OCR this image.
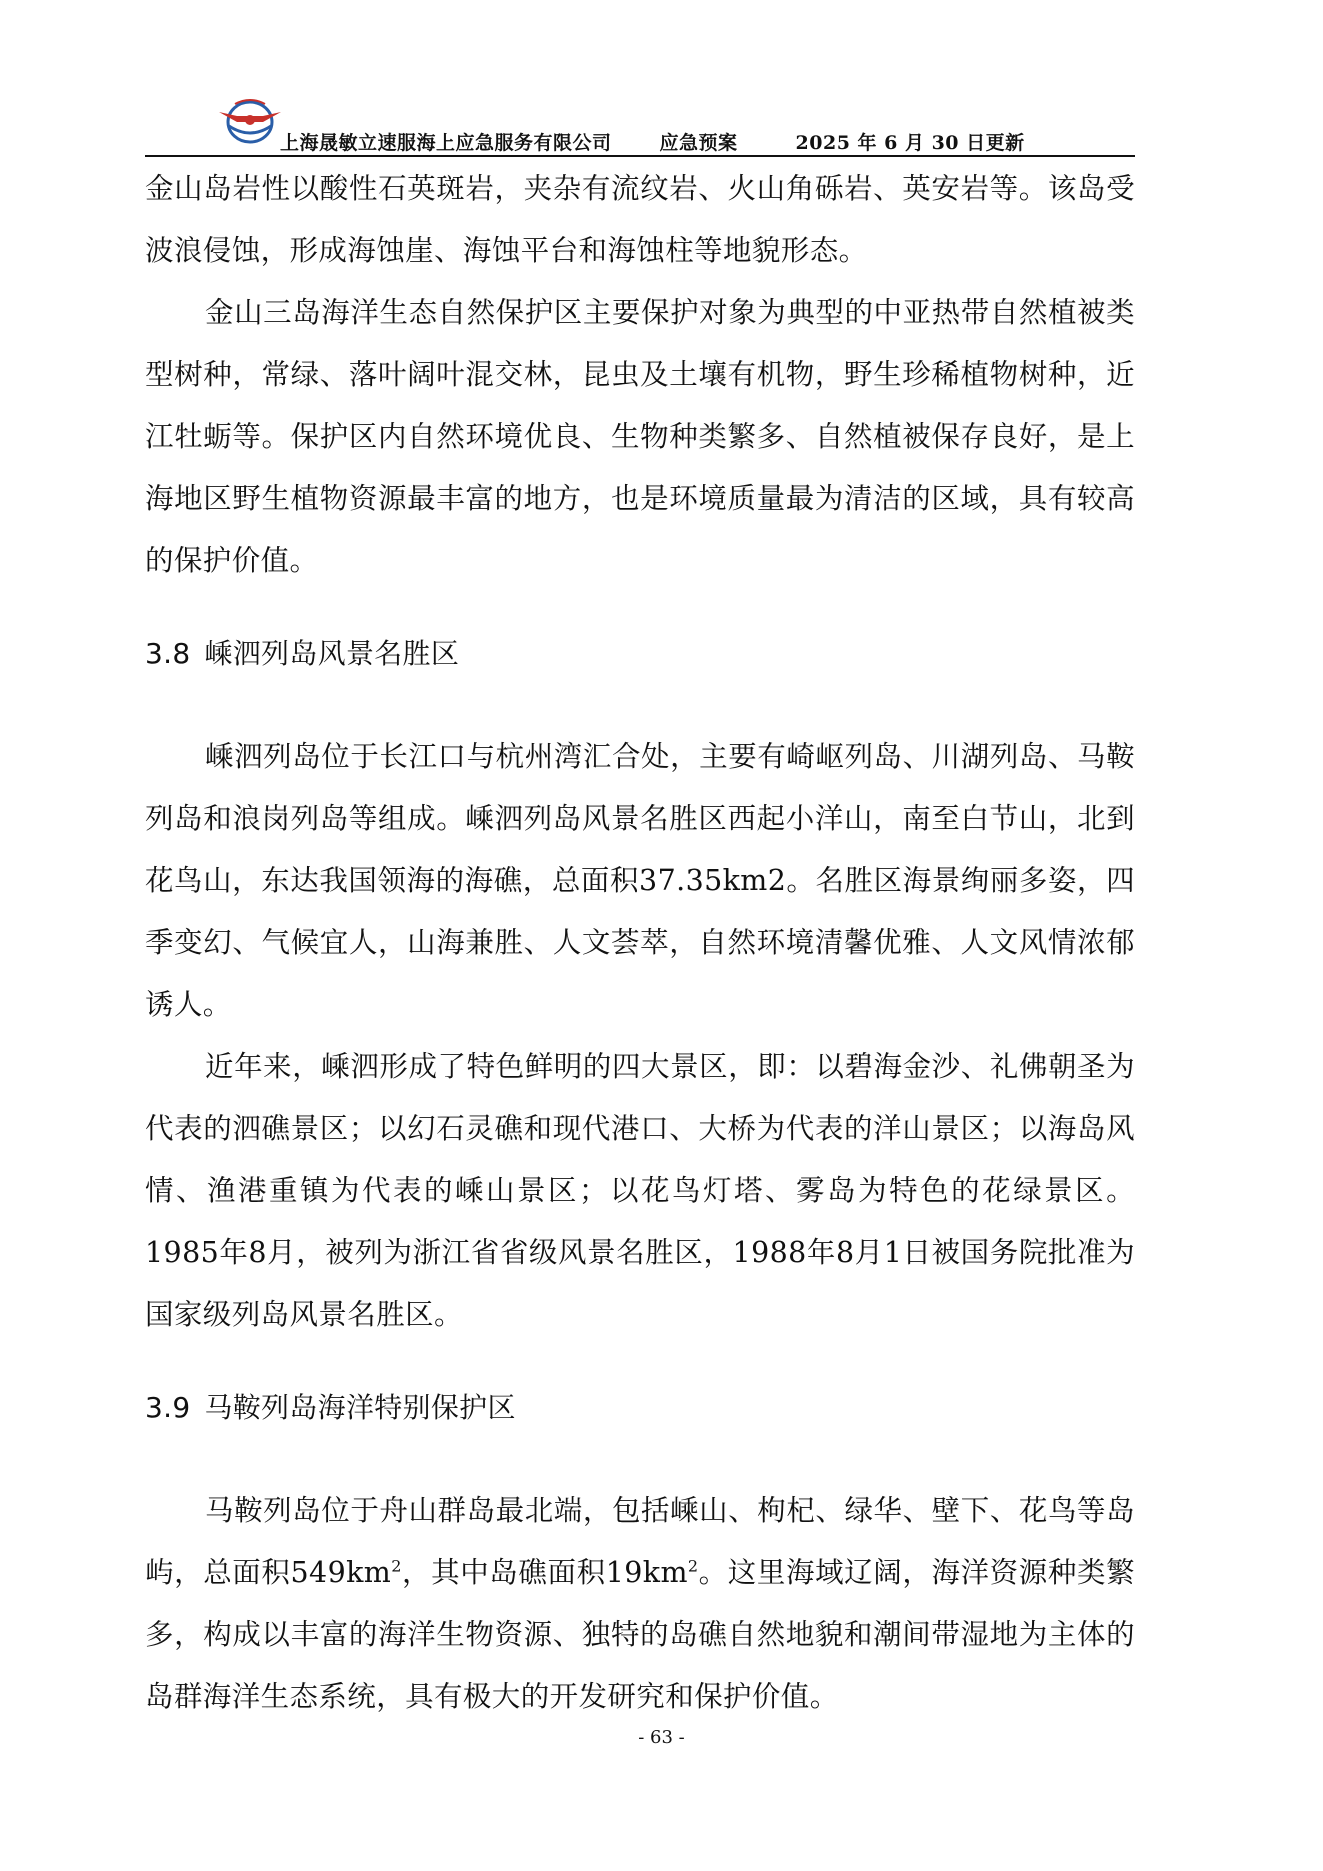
上海晟敏立速服海上应急服务有限公司	应急预案	2025 年 6 月 30 日更新

金山岛岩性以酸性石英斑岩，夹杂有流纹岩、火山角砾岩、英安岩等。该岛受波浪侵蚀，形成海蚀崖、海蚀平台和海蚀柱等地貌形态。

金山三岛海洋生态自然保护区主要保护对象为典型的中亚热带自然植被类型树种，常绿、落叶阔叶混交林，昆虫及土壤有机物，野生珍稀植物树种，近江牡蛎等。保护区内自然环境优良、生物种类繁多、自然植被保存良好，是上海地区野生植物资源最丰富的地方，也是环境质量最为清洁的区域，具有较高的保护价值。

3.8 嵊泗列岛风景名胜区

嵊泗列岛位于长江口与杭州湾汇合处，主要有崎岖列岛、川湖列岛、马鞍列岛和浪岗列岛等组成。嵊泗列岛风景名胜区西起小洋山，南至白节山，北到花鸟山，东达我国领海的海礁，总面积37.35km2。名胜区海景绚丽多姿，四季变幻、气候宜人，山海兼胜、人文荟萃，自然环境清馨优雅、人文风情浓郁诱人。

近年来，嵊泗形成了特色鲜明的四大景区，即：以碧海金沙、礼佛朝圣为代表的泗礁景区；以幻石灵礁和现代港口、大桥为代表的洋山景区；以海岛风情、渔港重镇为代表的嵊山景区；以花鸟灯塔、雾岛为特色的花绿景区。1985年8月，被列为浙江省省级风景名胜区，1988年8月1日被国务院批准为国家级列岛风景名胜区。

3.9 马鞍列岛海洋特别保护区

马鞍列岛位于舟山群岛最北端，包括嵊山、枸杞、绿华、壁下、花鸟等岛屿，总面积$549km^2$，其中岛礁面积$19km^2$。这里海域辽阔，海洋资源种类繁多，构成以丰富的海洋生物资源、独特的岛礁自然地貌和潮间带湿地为主体的岛群海洋生态系统，具有极大的开发研究和保护价值。

- 63 -
